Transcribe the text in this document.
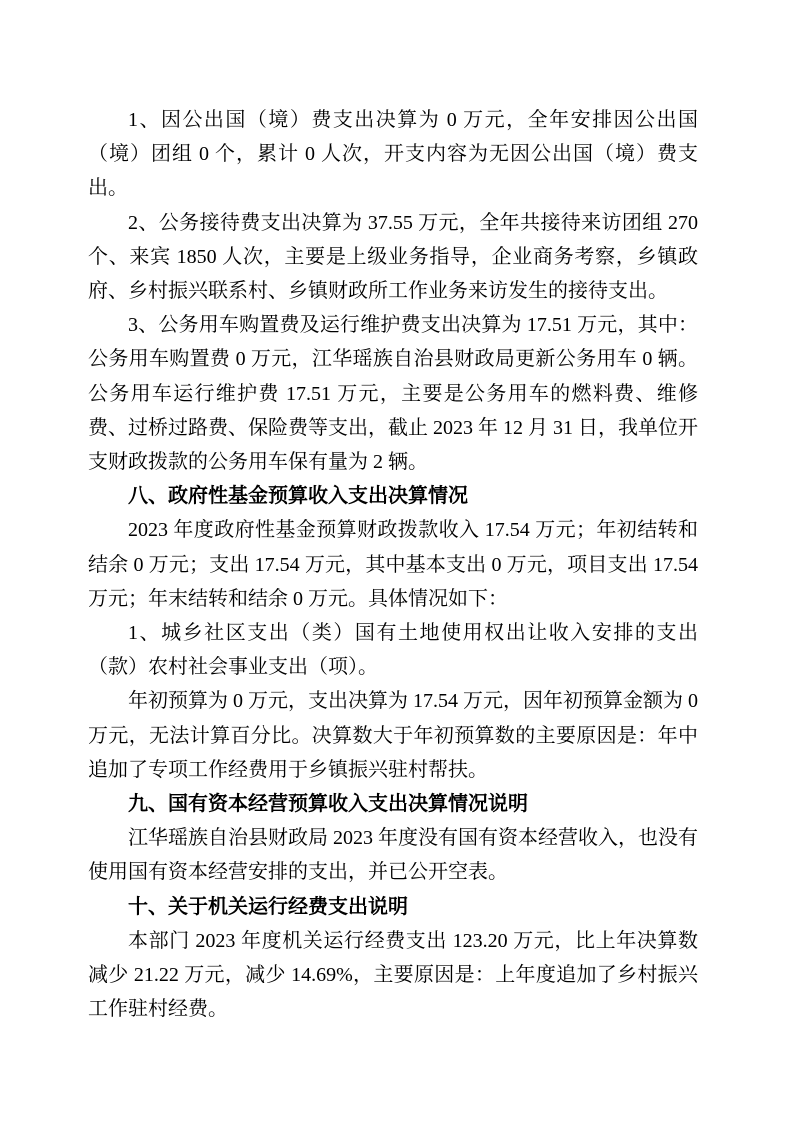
1、因公出国（境）费支出决算为 0 万元，全年安排因公出国（境）团组 0 个，累计 0 人次，开支内容为无因公出国（境）费支出。

2、公务接待费支出决算为 37.55 万元，全年共接待来访团组 270 个、来宾 1850 人次，主要是上级业务指导，企业商务考察，乡镇政府、乡村振兴联系村、乡镇财政所工作业务来访发生的接待支出。

3、公务用车购置费及运行维护费支出决算为 17.51 万元，其中：公务用车购置费 0 万元，江华瑶族自治县财政局更新公务用车 0 辆。公务用车运行维护费 17.51 万元，主要是公务用车的燃料费、维修费、过桥过路费、保险费等支出，截止 2023 年 12 月 31 日，我单位开支财政拨款的公务用车保有量为 2 辆。

八、政府性基金预算收入支出决算情况

2023 年度政府性基金预算财政拨款收入 17.54 万元；年初结转和结余 0 万元；支出 17.54 万元，其中基本支出 0 万元，项目支出 17.54 万元；年末结转和结余 0 万元。具体情况如下：

1、城乡社区支出（类）国有土地使用权出让收入安排的支出（款）农村社会事业支出（项）。

年初预算为 0 万元，支出决算为 17.54 万元，因年初预算金额为 0 万元，无法计算百分比。决算数大于年初预算数的主要原因是：年中追加了专项工作经费用于乡镇振兴驻村帮扶。

九、国有资本经营预算收入支出决算情况说明

江华瑶族自治县财政局 2023 年度没有国有资本经营收入，也没有使用国有资本经营安排的支出，并已公开空表。

十、关于机关运行经费支出说明

本部门 2023 年度机关运行经费支出 123.20 万元，比上年决算数减少 21.22 万元，减少 14.69%，主要原因是：上年度追加了乡村振兴工作驻村经费。
